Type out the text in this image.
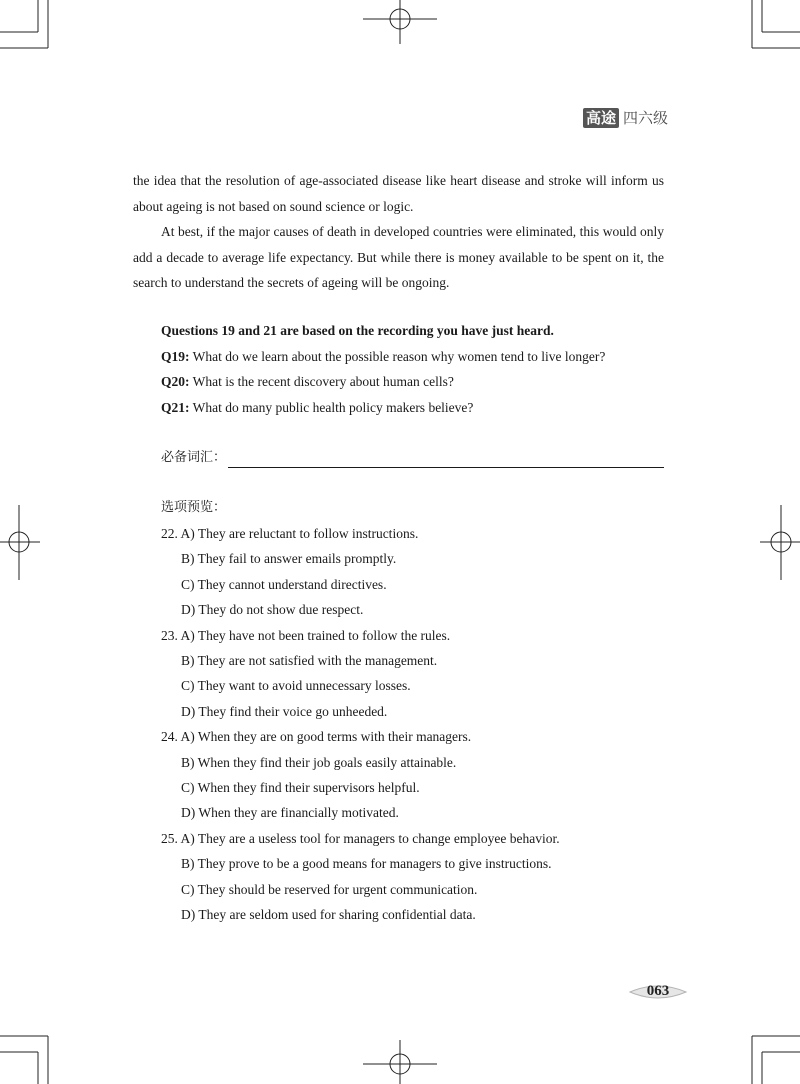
高途 四六级

the idea that the resolution of age-associated disease like heart disease and stroke will inform us about ageing is not based on sound science or logic.

At best, if the major causes of death in developed countries were eliminated, this would only add a decade to average life expectancy. But while there is money available to be spent on it, the search to understand the secrets of ageing will be ongoing.

Questions 19 and 21 are based on the recording you have just heard.
Q19: What do we learn about the possible reason why women tend to live longer?
Q20: What is the recent discovery about human cells?
Q21: What do many public health policy makers believe?
必备词汇：
选项预览：
22. A) They are reluctant to follow instructions.
B) They fail to answer emails promptly.
C) They cannot understand directives.
D) They do not show due respect.
23. A) They have not been trained to follow the rules.
B) They are not satisfied with the management.
C) They want to avoid unnecessary losses.
D) They find their voice go unheeded.
24. A) When they are on good terms with their managers.
B) When they find their job goals easily attainable.
C) When they find their supervisors helpful.
D) When they are financially motivated.
25. A) They are a useless tool for managers to change employee behavior.
B) They prove to be a good means for managers to give instructions.
C) They should be reserved for urgent communication.
D) They are seldom used for sharing confidential data.
063
